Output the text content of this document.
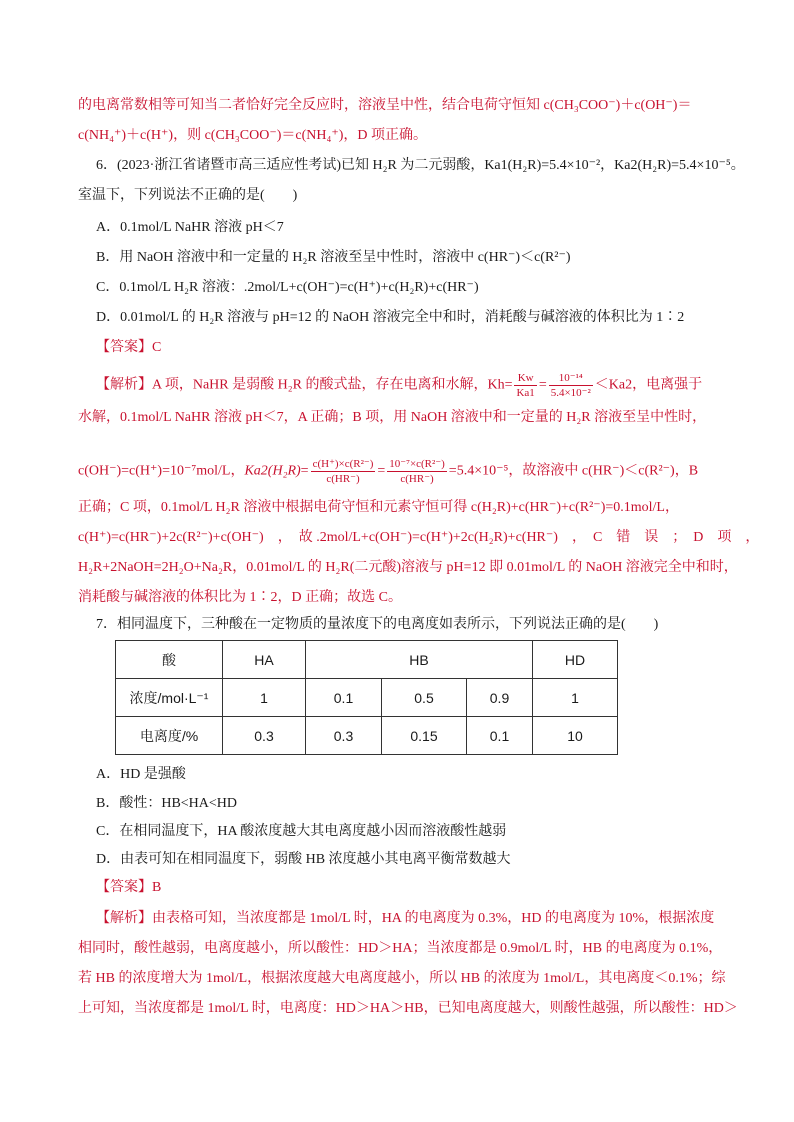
的电离常数相等可知当二者恰好完全反应时，溶液呈中性，结合电荷守恒知 c(CH₃COO⁻)＋c(OH⁻)＝
c(NH₄⁺)＋c(H⁺)，则 c(CH₃COO⁻)＝c(NH₄⁺)，D 项正确。
6．(2023·浙江省诸暨市高三适应性考试)已知 H₂R 为二元弱酸，Ka1(H₂R)=5.4×10⁻²，Ka2(H₂R)=5.4×10⁻⁵。
室温下，下列说法不正确的是(　　)
A．0.1mol/L NaHR 溶液 pH＜7
B．用 NaOH 溶液中和一定量的 H₂R 溶液至呈中性时，溶液中 c(HR⁻)＜c(R²⁻)
C．0.1mol/L H₂R 溶液：.2mol/L+c(OH⁻)=c(H⁺)+c(H₂R)+c(HR⁻)
D．0.01mol/L 的 H₂R 溶液与 pH=12 的 NaOH 溶液完全中和时，消耗酸与碱溶液的体积比为 1∶2
【答案】C
【解析】A 项，NaHR 是弱酸 H₂R 的酸式盐，存在电离和水解，$Kh= \frac{Kw}{Ka1} = \frac{\text{10⁻¹⁴}}{\text{5.4×10⁻²}} <Ka2$，电离强于
水解，0.1mol/L NaHR 溶液 pH＜7，A 正确；B 项，用 NaOH 溶液中和一定量的 H₂R 溶液至呈中性时，
c(OH⁻)=c(H⁺)=10⁻⁷mol/L，$Ka2(H_2R)= \frac{\text{c(H⁺)×c(R²⁻)}}{c(HR^-)} = \frac{\text{10⁻⁷×c(R²⁻)}}{c(HR^-)} =5.4\times 10^{-5}$，故溶液中 c(HR⁻)＜c(R²⁻)，B
正确；C 项，0.1mol/L H₂R 溶液中根据电荷守恒和元素守恒可得 c(H₂R)+c(HR⁻)+c(R²⁻)=0.1mol/L，
c(H⁺)=c(HR⁻)+2c(R²⁻)+c(OH⁻)　，　故 .2mol/L+c(OH⁻)=c(H⁺)+2c(H₂R)+c(HR⁻)　，　C　错　误　；　D　项　，
H₂R+2NaOH=2H₂O+Na₂R，0.01mol/L 的 H₂R(二元酸)溶液与 pH=12 即 0.01mol/L 的 NaOH 溶液完全中和时，
消耗酸与碱溶液的体积比为 1∶2，D 正确；故选 C。
7．相同温度下，三种酸在一定物质的量浓度下的电离度如表所示，下列说法正确的是(　　)
酸	HA	HB			HD
浓度/mol·L⁻¹	1	0.1	0.5	0.9	1
电离度/%	0.3	0.3	0.15	0.1	10
A．HD 是强酸
B．酸性：HB<HA<HD
C．在相同温度下，HA 酸浓度越大其电离度越小因而溶液酸性越弱
D．由表可知在相同温度下，弱酸 HB 浓度越小其电离平衡常数越大
【答案】B
【解析】由表格可知，当浓度都是 1mol/L 时，HA 的电离度为 0.3%，HD 的电离度为 10%，根据浓度
相同时，酸性越弱，电离度越小，所以酸性：HD＞HA；当浓度都是 0.9mol/L 时，HB 的电离度为 0.1%，
若 HB 的浓度增大为 1mol/L，根据浓度越大电离度越小，所以 HB 的浓度为 1mol/L，其电离度＜0.1%；综
上可知，当浓度都是 1mol/L 时，电离度：HD＞HA＞HB，已知电离度越大，则酸性越强，所以酸性：HD＞
